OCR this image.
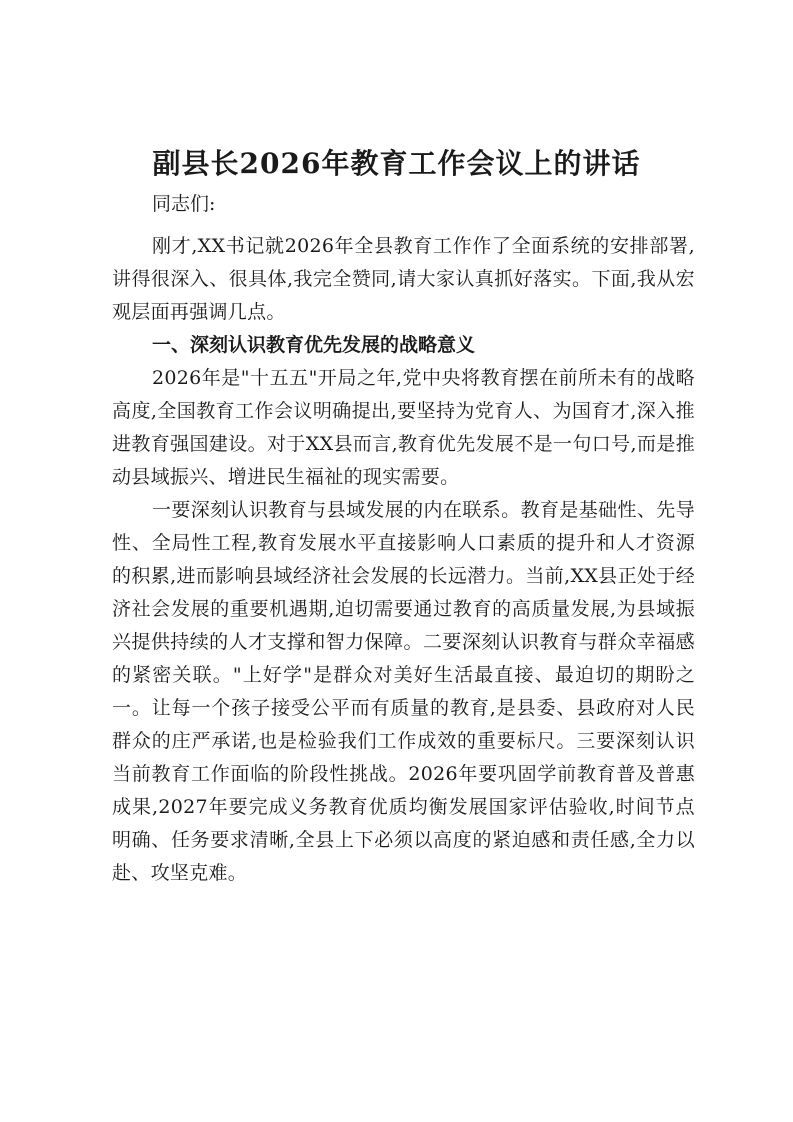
副县长2026年教育工作会议上的讲话

同志们:

刚才,XX书记就2026年全县教育工作作了全面系统的安排部署,讲得很深入、很具体,我完全赞同,请大家认真抓好落实。下面,我从宏观层面再强调几点。

一、深刻认识教育优先发展的战略意义

2026年是"十五五"开局之年,党中央将教育摆在前所未有的战略高度,全国教育工作会议明确提出,要坚持为党育人、为国育才,深入推进教育强国建设。对于XX县而言,教育优先发展不是一句口号,而是推动县域振兴、增进民生福祉的现实需要。

一要深刻认识教育与县域发展的内在联系。教育是基础性、先导性、全局性工程,教育发展水平直接影响人口素质的提升和人才资源的积累,进而影响县域经济社会发展的长远潜力。当前,XX县正处于经济社会发展的重要机遇期,迫切需要通过教育的高质量发展,为县域振兴提供持续的人才支撑和智力保障。二要深刻认识教育与群众幸福感的紧密关联。"上好学"是群众对美好生活最直接、最迫切的期盼之一。让每一个孩子接受公平而有质量的教育,是县委、县政府对人民群众的庄严承诺,也是检验我们工作成效的重要标尺。三要深刻认识当前教育工作面临的阶段性挑战。2026年要巩固学前教育普及普惠成果,2027年要完成义务教育优质均衡发展国家评估验收,时间节点明确、任务要求清晰,全县上下必须以高度的紧迫感和责任感,全力以赴、攻坚克难。
